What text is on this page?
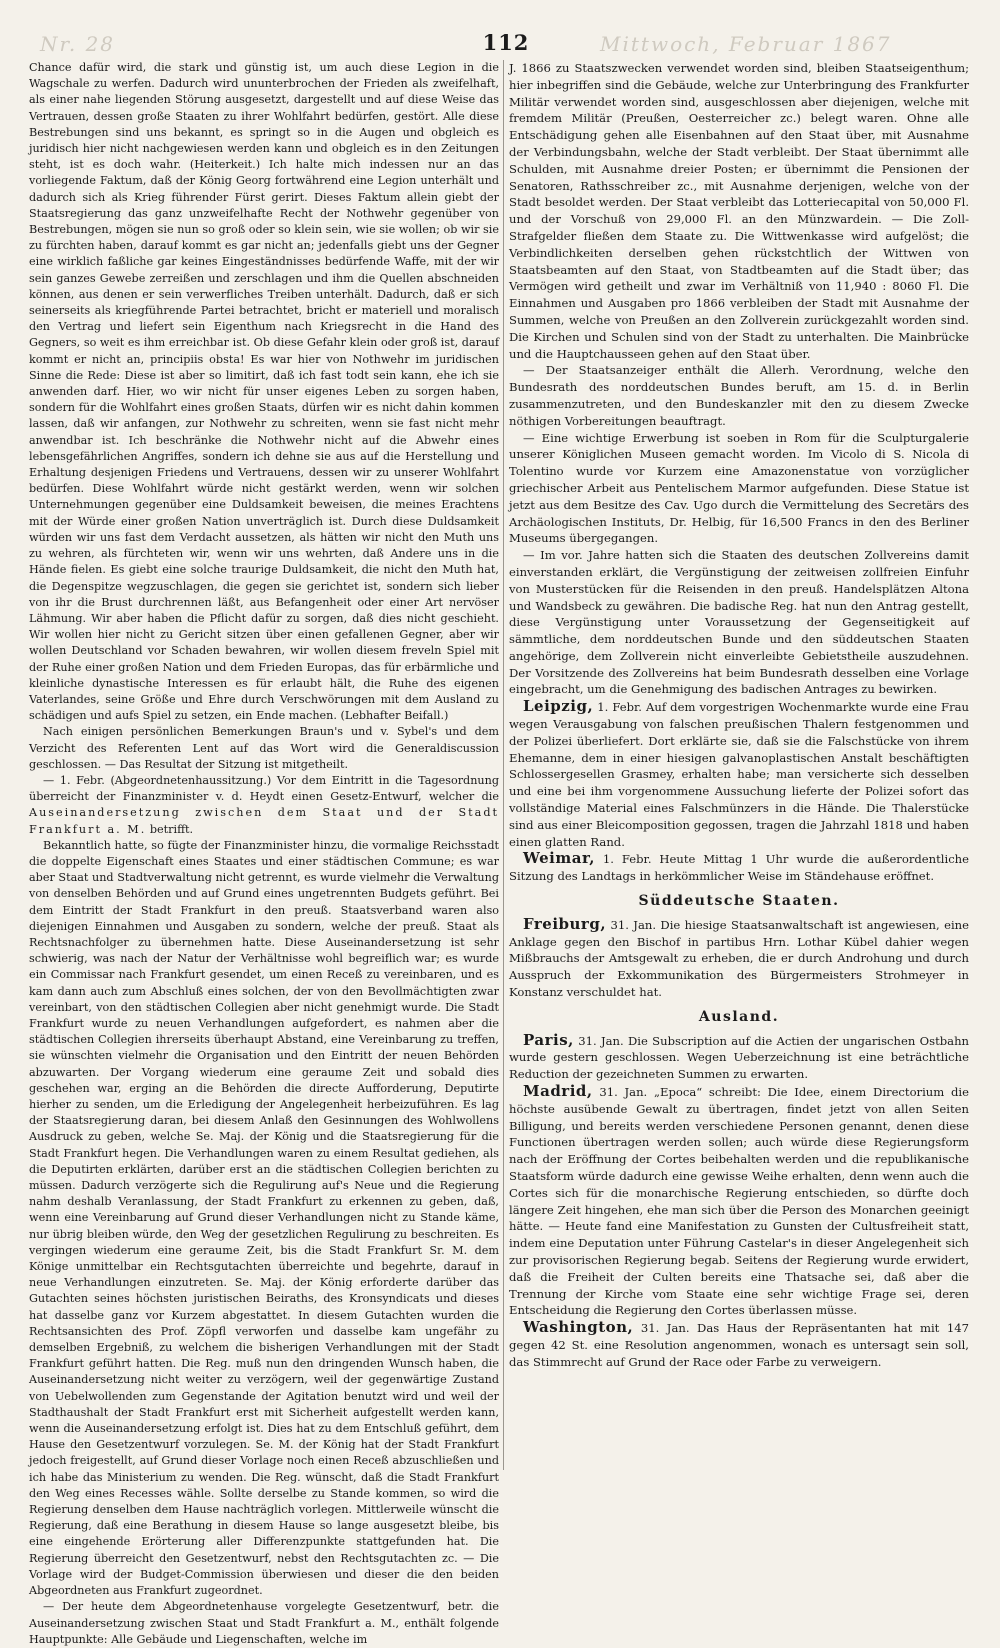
Nr. 28	112	Mittwoch, Februar 1867

Chance dafür wird, die stark und günstig ist, um auch diese Legion in die Wagschale zu werfen. Dadurch wird ununterbrochen der Frieden als zweifelhaft, als einer nahe liegenden Störung ausgesetzt, dargestellt und auf diese Weise das Vertrauen, dessen große Staaten zu ihrer Wohlfahrt bedürfen, gestört. Alle diese Bestrebungen sind uns bekannt, es springt so in die Augen und obgleich es juridisch hier nicht nachgewiesen werden kann und obgleich es in den Zeitungen steht, ist es doch wahr. (Heiterkeit.) Ich halte mich indessen nur an das vorliegende Faktum, daß der König Georg fortwährend eine Legion unterhält und dadurch sich als Krieg führender Fürst gerirt. Dieses Faktum allein giebt der Staatsregierung das ganz unzweifelhafte Recht der Nothwehr gegenüber von Bestrebungen, mögen sie nun so groß oder so klein sein, wie sie wollen; ob wir sie zu fürchten haben, darauf kommt es gar nicht an; jedenfalls giebt uns der Gegner eine wirklich faßliche gar keines Eingeständnisses bedürfende Waffe, mit der wir sein ganzes Gewebe zerreißen und zerschlagen und ihm die Quellen abschneiden können, aus denen er sein verwerfliches Treiben unterhält. Dadurch, daß er sich seinerseits als kriegführende Partei betrachtet, bricht er materiell und moralisch den Vertrag und liefert sein Eigenthum nach Kriegsrecht in die Hand des Gegners, so weit es ihm erreichbar ist. Ob diese Gefahr klein oder groß ist, darauf kommt er nicht an, principiis obsta! Es war hier von Nothwehr im juridischen Sinne die Rede: Diese ist aber so limitirt, daß ich fast todt sein kann, ehe ich sie anwenden darf. Hier, wo wir nicht für unser eigenes Leben zu sorgen haben, sondern für die Wohlfahrt eines großen Staats, dürfen wir es nicht dahin kommen lassen, daß wir anfangen, zur Nothwehr zu schreiten, wenn sie fast nicht mehr anwendbar ist. Ich beschränke die Nothwehr nicht auf die Abwehr eines lebensgefährlichen Angriffes, sondern ich dehne sie aus auf die Herstellung und Erhaltung desjenigen Friedens und Vertrauens, dessen wir zu unserer Wohlfahrt bedürfen. Diese Wohlfahrt würde nicht gestärkt werden, wenn wir solchen Unternehmungen gegenüber eine Duldsamkeit beweisen, die meines Erachtens mit der Würde einer großen Nation unverträglich ist. Durch diese Duldsamkeit würden wir uns fast dem Verdacht aussetzen, als hätten wir nicht den Muth uns zu wehren, als fürchteten wir, wenn wir uns wehrten, daß Andere uns in die Hände fielen. Es giebt eine solche traurige Duldsamkeit, die nicht den Muth hat, die Degenspitze wegzuschlagen, die gegen sie gerichtet ist, sondern sich lieber von ihr die Brust durchrennen läßt, aus Befangenheit oder einer Art nervöser Lähmung. Wir aber haben die Pflicht dafür zu sorgen, daß dies nicht geschieht. Wir wollen hier nicht zu Gericht sitzen über einen gefallenen Gegner, aber wir wollen Deutschland vor Schaden bewahren, wir wollen diesem freveln Spiel mit der Ruhe einer großen Nation und dem Frieden Europas, das für erbärmliche und kleinliche dynastische Interessen es für erlaubt hält, die Ruhe des eigenen Vaterlandes, seine Größe und Ehre durch Verschwörungen mit dem Ausland zu schädigen und aufs Spiel zu setzen, ein Ende machen. (Lebhafter Beifall.)

Nach einigen persönlichen Bemerkungen Braun's und v. Sybel's und dem Verzicht des Referenten Lent auf das Wort wird die Generaldiscussion geschlossen. — Das Resultat der Sitzung ist mitgetheilt.

— 1. Febr. (Abgeordnetenhaussitzung.) Vor dem Eintritt in die Tagesordnung überreicht der Finanzminister v. d. Heydt einen Gesetz-Entwurf, welcher die Auseinandersetzung zwischen dem Staat und der Stadt Frankfurt a. M. betrifft.

Bekanntlich hatte, so fügte der Finanzminister hinzu, die vormalige Reichsstadt die doppelte Eigenschaft eines Staates und einer städtischen Commune; es war aber Staat und Stadtverwaltung nicht getrennt, es wurde vielmehr die Verwaltung von denselben Behörden und auf Grund eines ungetrennten Budgets geführt. Bei dem Eintritt der Stadt Frankfurt in den preuß. Staatsverband waren also diejenigen Einnahmen und Ausgaben zu sondern, welche der preuß. Staat als Rechtsnachfolger zu übernehmen hatte. Diese Auseinandersetzung ist sehr schwierig, was nach der Natur der Verhältnisse wohl begreiflich war; es wurde ein Commissar nach Frankfurt gesendet, um einen Receß zu vereinbaren, und es kam dann auch zum Abschluß eines solchen, der von den Bevollmächtigten zwar vereinbart, von den städtischen Collegien aber nicht genehmigt wurde. Die Stadt Frankfurt wurde zu neuen Verhandlungen aufgefordert, es nahmen aber die städtischen Collegien ihrerseits überhaupt Abstand, eine Vereinbarung zu treffen, sie wünschten vielmehr die Organisation und den Eintritt der neuen Behörden abzuwarten. Der Vorgang wiederum eine geraume Zeit und sobald dies geschehen war, erging an die Behörden die directe Aufforderung, Deputirte hierher zu senden, um die Erledigung der Angelegenheit herbeizuführen. Es lag der Staatsregierung daran, bei diesem Anlaß den Gesinnungen des Wohlwollens Ausdruck zu geben, welche Se. Maj. der König und die Staatsregierung für die Stadt Frankfurt hegen. Die Verhandlungen waren zu einem Resultat gediehen, als die Deputirten erklärten, darüber erst an die städtischen Collegien berichten zu müssen. Dadurch verzögerte sich die Regulirung auf's Neue und die Regierung nahm deshalb Veranlassung, der Stadt Frankfurt zu erkennen zu geben, daß, wenn eine Vereinbarung auf Grund dieser Verhandlungen nicht zu Stande käme, nur übrig bleiben würde, den Weg der gesetzlichen Regulirung zu beschreiten. Es vergingen wiederum eine geraume Zeit, bis die Stadt Frankfurt Sr. M. dem Könige unmittelbar ein Rechtsgutachten überreichte und begehrte, darauf in neue Verhandlungen einzutreten. Se. Maj. der König erforderte darüber das Gutachten seines höchsten juristischen Beiraths, des Kronsyndicats und dieses hat dasselbe ganz vor Kurzem abgestattet. In diesem Gutachten wurden die Rechtsansichten des Prof. Zöpfl verworfen und dasselbe kam ungefähr zu demselben Ergebniß, zu welchem die bisherigen Verhandlungen mit der Stadt Frankfurt geführt hatten. Die Reg. muß nun den dringenden Wunsch haben, die Auseinandersetzung nicht weiter zu verzögern, weil der gegenwärtige Zustand von Uebelwollenden zum Gegenstande der Agitation benutzt wird und weil der Stadthaushalt der Stadt Frankfurt erst mit Sicherheit aufgestellt werden kann, wenn die Auseinandersetzung erfolgt ist. Dies hat zu dem Entschluß geführt, dem Hause den Gesetzentwurf vorzulegen. Se. M. der König hat der Stadt Frankfurt jedoch freigestellt, auf Grund dieser Vorlage noch einen Receß abzuschließen und ich habe das Ministerium zu wenden. Die Reg. wünscht, daß die Stadt Frankfurt den Weg eines Recesses wähle. Sollte derselbe zu Stande kommen, so wird die Regierung denselben dem Hause nachträglich vorlegen. Mittlerweile wünscht die Regierung, daß eine Berathung in diesem Hause so lange ausgesetzt bleibe, bis eine eingehende Erörterung aller Differenzpunkte stattgefunden hat. Die Regierung überreicht den Gesetzentwurf, nebst den Rechtsgutachten zc. — Die Vorlage wird der Budget-Commission überwiesen und dieser die den beiden Abgeordneten aus Frankfurt zugeordnet.

— Der heute dem Abgeordnetenhause vorgelegte Gesetzentwurf, betr. die Auseinandersetzung zwischen Staat und Stadt Frankfurt a. M., enthält folgende Hauptpunkte: Alle Gebäude und Liegenschaften, welche im

J. 1866 zu Staatszwecken verwendet worden sind, bleiben Staatseigenthum; hier inbegriffen sind die Gebäude, welche zur Unterbringung des Frankfurter Militär verwendet worden sind, ausgeschlossen aber diejenigen, welche mit fremdem Militär (Preußen, Oesterreicher zc.) belegt waren. Ohne alle Entschädigung gehen alle Eisenbahnen auf den Staat über, mit Ausnahme der Verbindungsbahn, welche der Stadt verbleibt. Der Staat übernimmt alle Schulden, mit Ausnahme dreier Posten; er übernimmt die Pensionen der Senatoren, Rathsschreiber zc., mit Ausnahme derjenigen, welche von der Stadt besoldet werden. Der Staat verbleibt das Lotteriecapital von 50,000 Fl. und der Vorschuß von 29,000 Fl. an den Münzwardein. — Die Zoll-Strafgelder fließen dem Staate zu. Die Wittwenkasse wird aufgelöst; die Verbindlichkeiten derselben gehen rückstchtlich der Wittwen von Staatsbeamten auf den Staat, von Stadtbeamten auf die Stadt über; das Vermögen wird getheilt und zwar im Verhältniß von 11,940 : 8060 Fl. Die Einnahmen und Ausgaben pro 1866 verbleiben der Stadt mit Ausnahme der Summen, welche von Preußen an den Zollverein zurückgezahlt worden sind. Die Kirchen und Schulen sind von der Stadt zu unterhalten. Die Mainbrücke und die Hauptchausseen gehen auf den Staat über.

— Der Staatsanzeiger enthält die Allerh. Verordnung, welche den Bundesrath des norddeutschen Bundes beruft, am 15. d. in Berlin zusammenzutreten, und den Bundeskanzler mit den zu diesem Zwecke nöthigen Vorbereitungen beauftragt.

— Eine wichtige Erwerbung ist soeben in Rom für die Sculpturgalerie unserer Königlichen Museen gemacht worden. Im Vicolo di S. Nicola di Tolentino wurde vor Kurzem eine Amazonenstatue von vorzüglicher griechischer Arbeit aus Pentelischem Marmor aufgefunden. Diese Statue ist jetzt aus dem Besitze des Cav. Ugo durch die Vermittelung des Secretärs des Archäologischen Instituts, Dr. Helbig, für 16,500 Francs in den des Berliner Museums übergegangen.

— Im vor. Jahre hatten sich die Staaten des deutschen Zollvereins damit einverstanden erklärt, die Vergünstigung der zeitweisen zollfreien Einfuhr von Musterstücken für die Reisenden in den preuß. Handelsplätzen Altona und Wandsbeck zu gewähren. Die badische Reg. hat nun den Antrag gestellt, diese Vergünstigung unter Voraussetzung der Gegenseitigkeit auf sämmtliche, dem norddeutschen Bunde und den süddeutschen Staaten angehörige, dem Zollverein nicht einverleibte Gebietstheile auszudehnen. Der Vorsitzende des Zollvereins hat beim Bundesrath desselben eine Vorlage eingebracht, um die Genehmigung des badischen Antrages zu bewirken.

Leipzig, 1. Febr. Auf dem vorgestrigen Wochenmarkte wurde eine Frau wegen Verausgabung von falschen preußischen Thalern festgenommen und der Polizei überliefert. Dort erklärte sie, daß sie die Falschstücke von ihrem Ehemanne, dem in einer hiesigen galvanoplastischen Anstalt beschäftigten Schlossergesellen Grasmey, erhalten habe; man versicherte sich desselben und eine bei ihm vorgenommene Aussuchung lieferte der Polizei sofort das vollständige Material eines Falschmünzers in die Hände. Die Thalerstücke sind aus einer Bleicomposition gegossen, tragen die Jahrzahl 1818 und haben einen glatten Rand.

Weimar, 1. Febr. Heute Mittag 1 Uhr wurde die außerordentliche Sitzung des Landtags in herkömmlicher Weise im Ständehause eröffnet.

Süddeutsche Staaten.

Freiburg, 31. Jan. Die hiesige Staatsanwaltschaft ist angewiesen, eine Anklage gegen den Bischof in partibus Hrn. Lothar Kübel dahier wegen Mißbrauchs der Amtsgewalt zu erheben, die er durch Androhung und durch Ausspruch der Exkommunikation des Bürgermeisters Strohmeyer in Konstanz verschuldet hat.

Ausland.

Paris, 31. Jan. Die Subscription auf die Actien der ungarischen Ostbahn wurde gestern geschlossen. Wegen Ueberzeichnung ist eine beträchtliche Reduction der gezeichneten Summen zu erwarten.

Madrid, 31. Jan. „Epoca“ schreibt: Die Idee, einem Directorium die höchste ausübende Gewalt zu übertragen, findet jetzt von allen Seiten Billigung, und bereits werden verschiedene Personen genannt, denen diese Functionen übertragen werden sollen; auch würde diese Regierungsform nach der Eröffnung der Cortes beibehalten werden und die republikanische Staatsform würde dadurch eine gewisse Weihe erhalten, denn wenn auch die Cortes sich für die monarchische Regierung entschieden, so dürfte doch längere Zeit hingehen, ehe man sich über die Person des Monarchen geeinigt hätte. — Heute fand eine Manifestation zu Gunsten der Cultusfreiheit statt, indem eine Deputation unter Führung Castelar's in dieser Angelegenheit sich zur provisorischen Regierung begab. Seitens der Regierung wurde erwidert, daß die Freiheit der Culten bereits eine Thatsache sei, daß aber die Trennung der Kirche vom Staate eine sehr wichtige Frage sei, deren Entscheidung die Regierung den Cortes überlassen müsse.

Washington, 31. Jan. Das Haus der Repräsentanten hat mit 147 gegen 42 St. eine Resolution angenommen, wonach es untersagt sein soll, das Stimmrecht auf Grund der Race oder Farbe zu verweigern.
